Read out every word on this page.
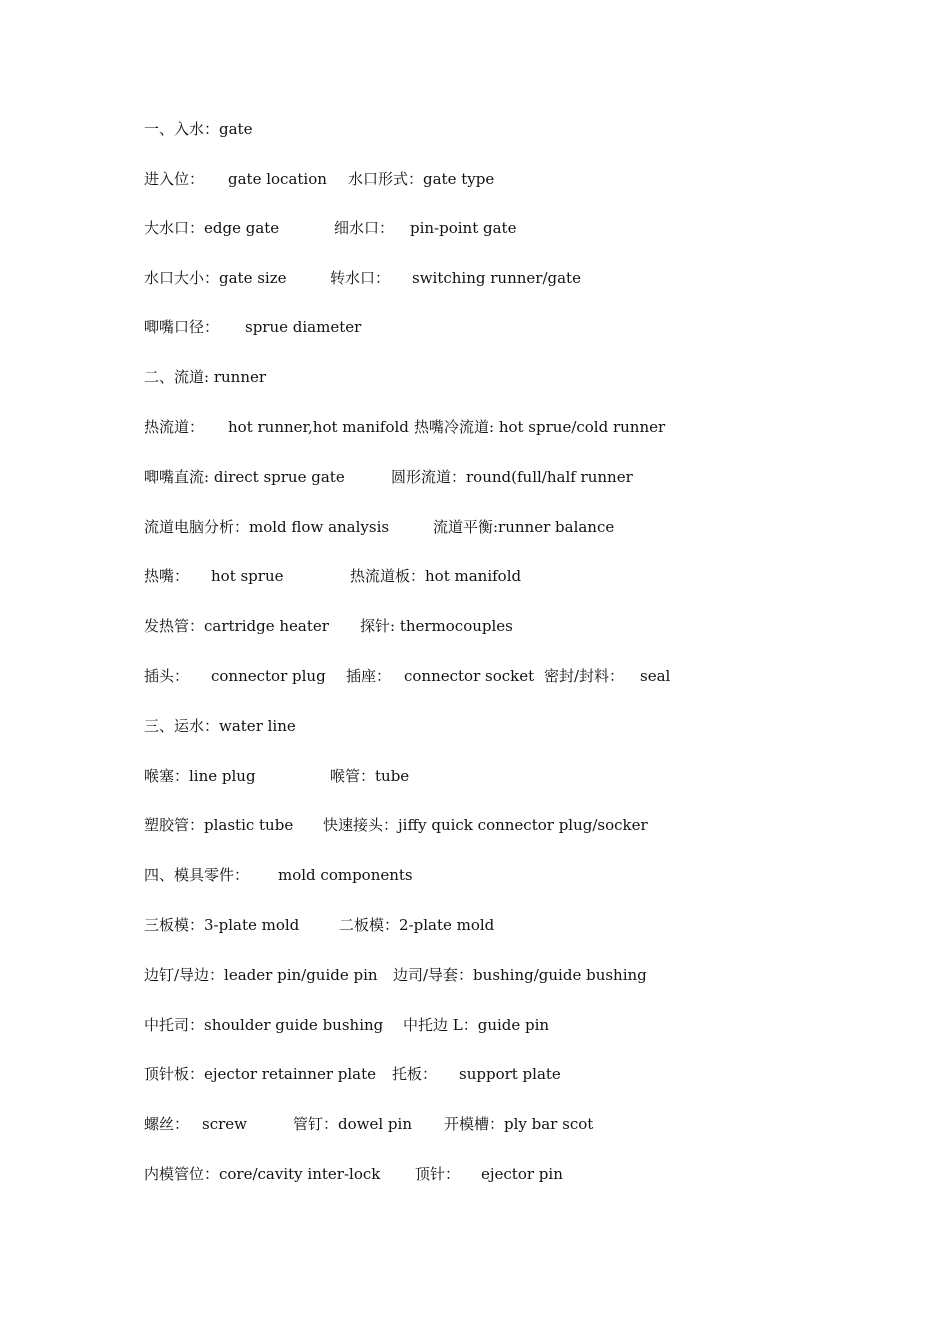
一、入水：gate
进入位： gate location 水口形式：gate type
大水口：edge gate	细水口： pin-point gate
水口大小：gate size	转水口： switching runner/gate
唧嘴口径： sprue diameter
二、流道: runner
热流道： hot runner,hot manifold 热嘴冷流道: hot sprue/cold runner
唧嘴直流: direct sprue gate	圆形流道：round(full/half runner
流道电脑分析：mold flow analysis	流道平衡:runner balance
热嘴： hot sprue	热流道板：hot manifold
发热管：cartridge heater 探针: thermocouples
插头： connector plug 插座： connector socket 密封/封料： seal
三、运水：water line
喉塞：line plug	喉管：tube
塑胶管：plastic tube 快速接头：jiffy quick connector plug/socker
四、模具零件： mold components
三板模：3-plate mold	二板模：2-plate mold
边钉/导边：leader pin/guide pin 边司/导套：bushing/guide bushing
中托司：shoulder guide bushing 中托边 L：guide pin
顶针板：ejector retainner plate 托板： support plate
螺丝： screw	管钉：dowel pin 开模槽：ply bar scot
内模管位：core/cavity inter-lock 顶针： ejector pin
